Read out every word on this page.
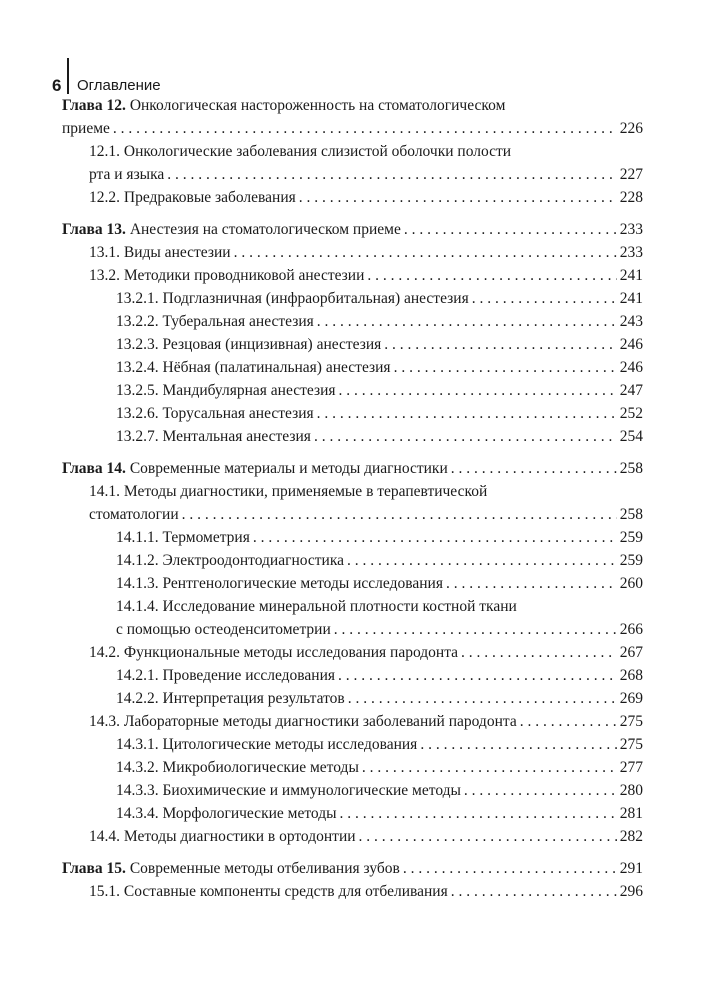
6 Оглавление
Глава 12. Онкологическая настороженность на стоматологическом
приеме . . .	226
12.1. Онкологические заболевания слизистой оболочки полости
рта и языка . . .	227
12.2. Предраковые заболевания . . .	228
Глава 13. Анестезия на стоматологическом приеме . . .	233
13.1. Виды анестезии . . .	233
13.2. Методики проводниковой анестезии . . .	241
13.2.1. Подглазничная (инфраорбитальная) анестезия . . .	241
13.2.2. Туберальная анестезия . . .	243
13.2.3. Резцовая (инцизивная) анестезия . . .	246
13.2.4. Нёбная (палатинальная) анестезия . . .	246
13.2.5. Мандибулярная анестезия . . .	247
13.2.6. Торусальная анестезия . . .	252
13.2.7. Ментальная анестезия . . .	254
Глава 14. Современные материалы и методы диагностики . . .	258
14.1. Методы диагностики, применяемые в терапевтической
стоматологии . . .	258
14.1.1. Термометрия . . .	259
14.1.2. Электроодонтодиагностика . . .	259
14.1.3. Рентгенологические методы исследования . . .	260
14.1.4. Исследование минеральной плотности костной ткани
с помощью остеоденситометрии . . .	266
14.2. Функциональные методы исследования пародонта . . .	267
14.2.1. Проведение исследования . . .	268
14.2.2. Интерпретация результатов . . .	269
14.3. Лабораторные методы диагностики заболеваний пародонта . . .	275
14.3.1. Цитологические методы исследования . . .	275
14.3.2. Микробиологические методы . . .	277
14.3.3. Биохимические и иммунологические методы . . .	280
14.3.4. Морфологические методы . . .	281
14.4. Методы диагностики в ортодонтии . . .	282
Глава 15. Современные методы отбеливания зубов . . .	291
15.1. Составные компоненты средств для отбеливания . . .	296
